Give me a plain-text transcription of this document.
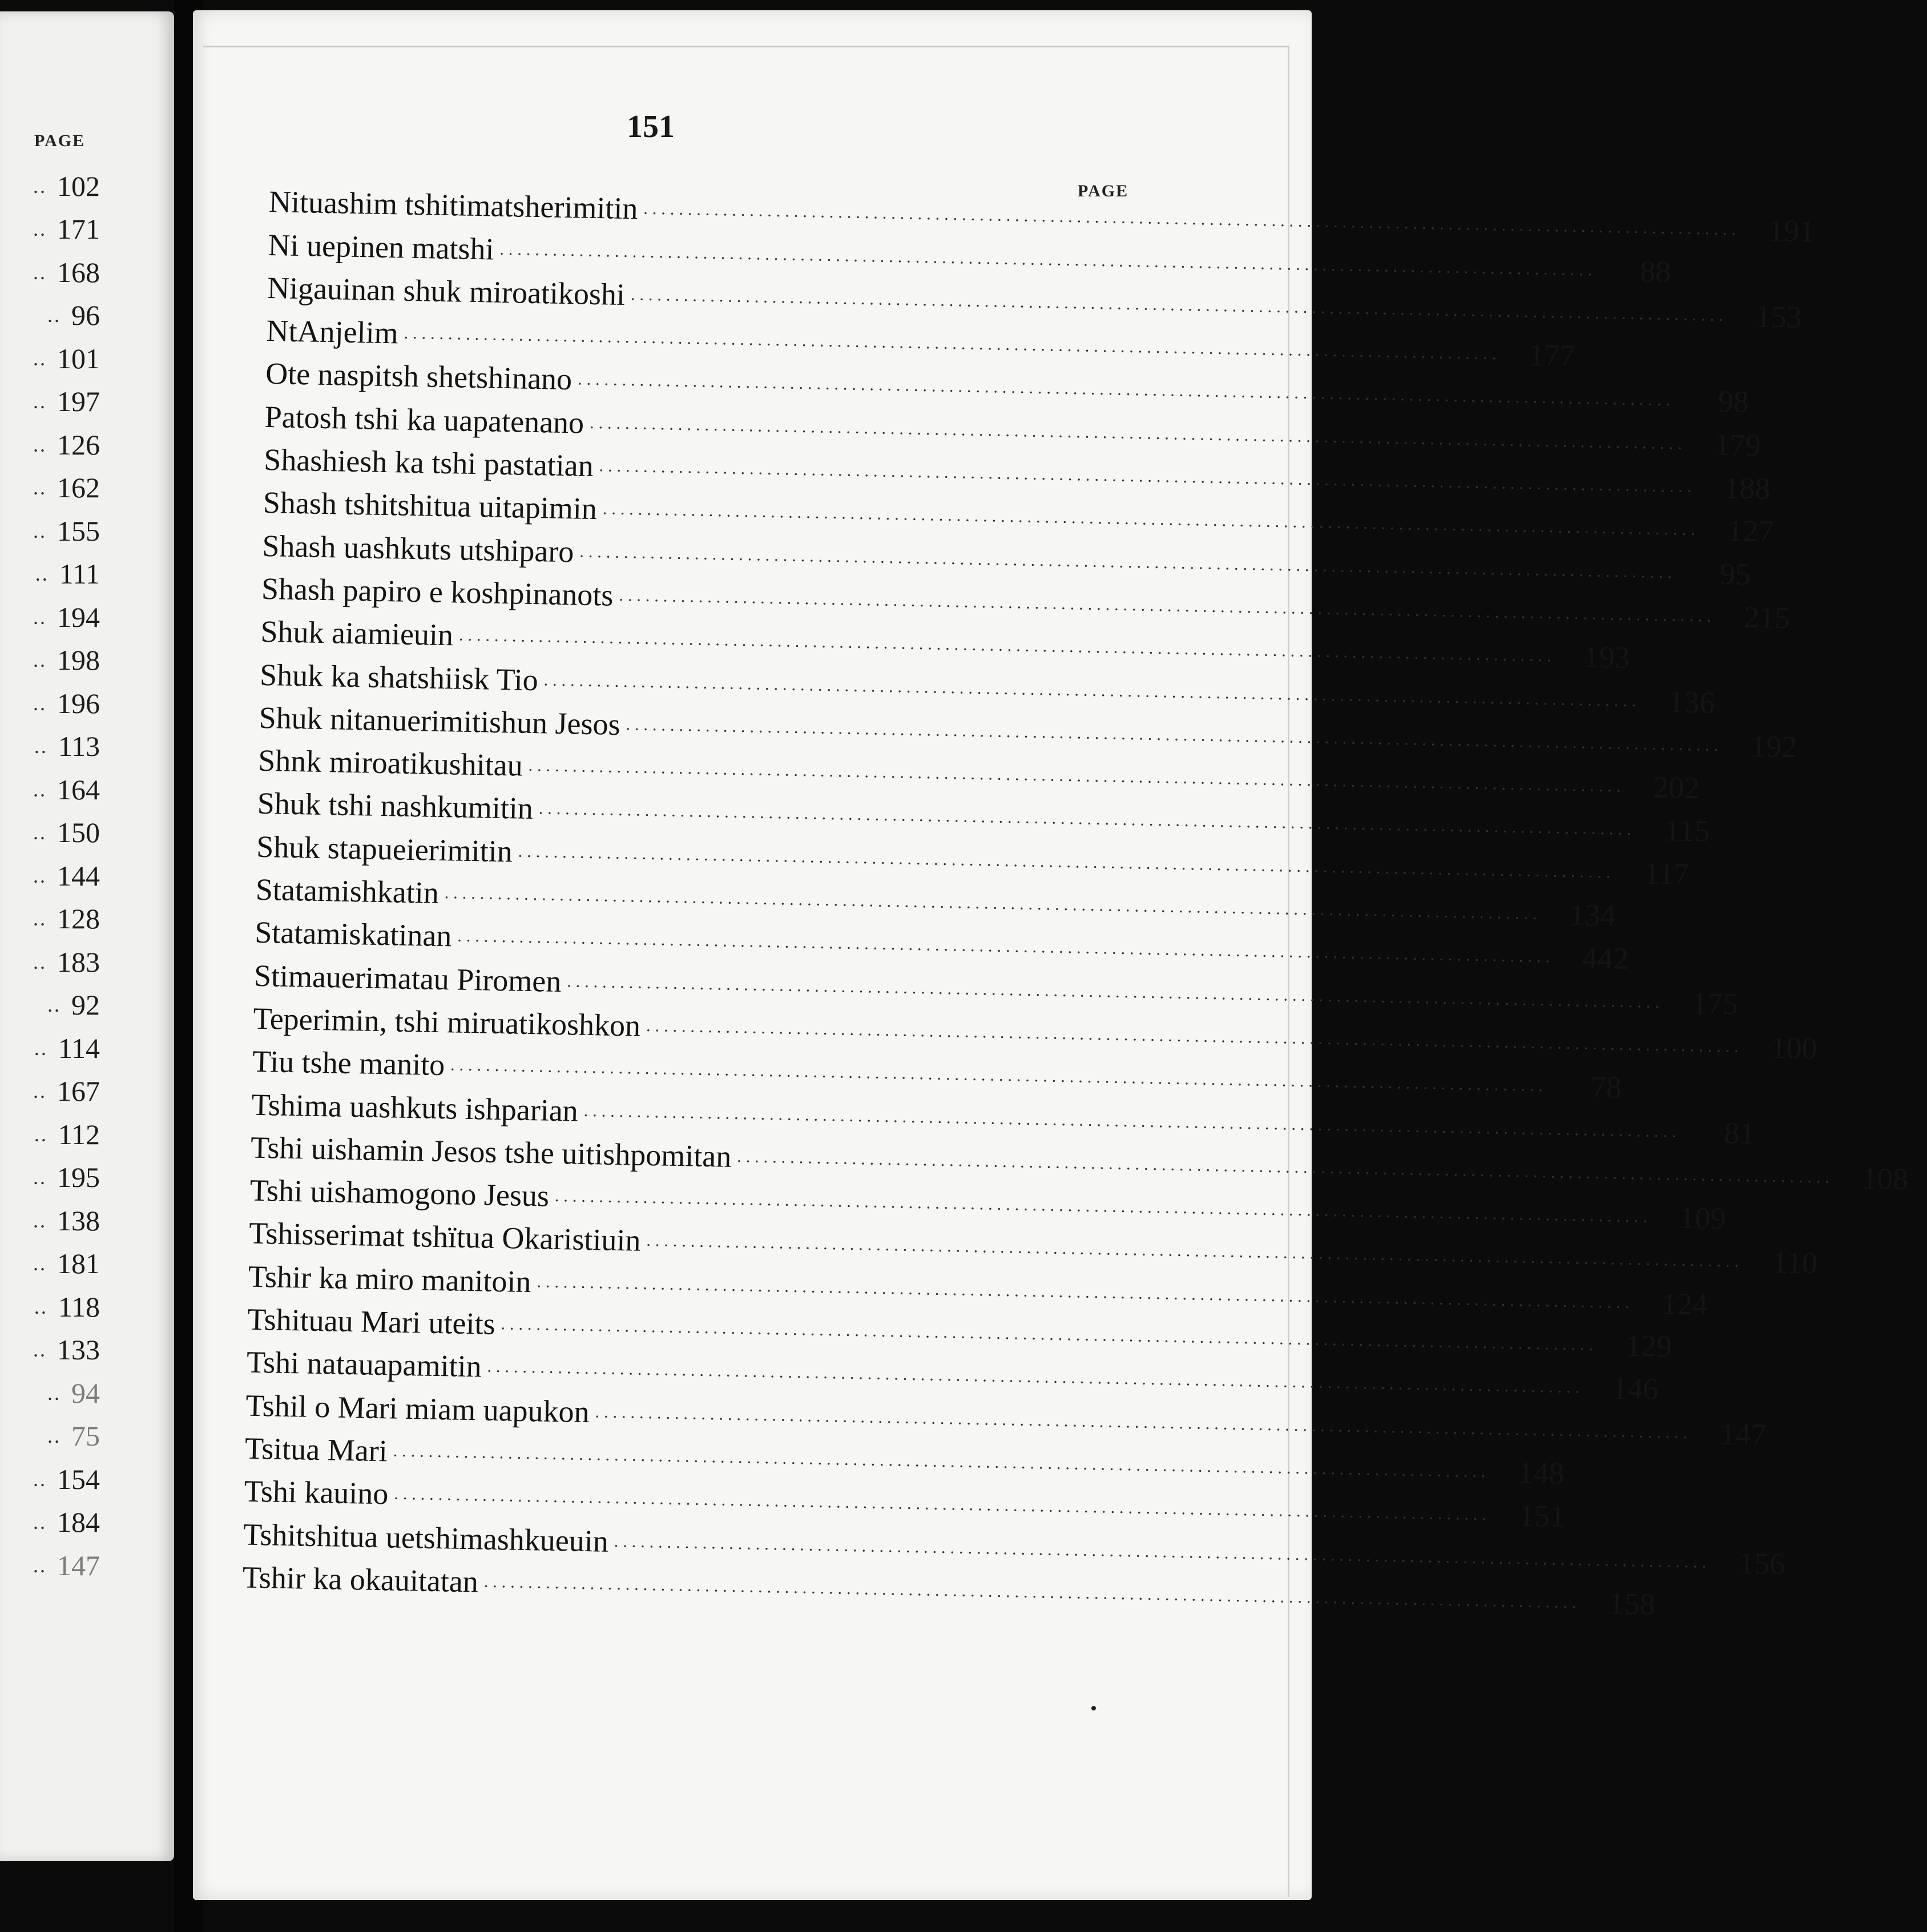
PAGE
.. 102
.. 171
.. 168
.. 96
.. 101
.. 197
.. 126
.. 162
.. 155
.. 111
.. 194
.. 198
.. 196
.. 113
.. 164
.. 150
.. 144
.. 128
.. 183
.. 92
.. 114
.. 167
.. 112
.. 195
.. 138
.. 181
.. 118
.. 133
.. 94
.. 75
.. 154
.. 184
.. 147
151
PAGE
Nituashim tshitimatsherimitin ............................................................................................................................ 191
Ni uepinen matshi ............................................................................................................................	88
Nigauinan shuk miroatikoshi ............................................................................................................................ 153
NtAnjelim ............................................................................................................................ 177
Ote naspitsh shetshinano ............................................................................................................................	98
Patosh tshi ka uapatenano ............................................................................................................................ 179
Shashiesh ka tshi pastatian ............................................................................................................................ 188
Shash tshitshitua uitapimin ............................................................................................................................ 127
Shash uashkuts utshiparo ............................................................................................................................	95
Shash papiro e koshpinanots ............................................................................................................................ 215
Shuk aiamieuin ............................................................................................................................ 193
Shuk ka shatshiisk Tio ............................................................................................................................ 136
Shuk nitanuerimitishun Jesos ............................................................................................................................ 192
Shnk miroatikushitau ............................................................................................................................ 202
Shuk tshi nashkumitin ............................................................................................................................ 115
Shuk stapueierimitin ............................................................................................................................ 117
Statamishkatin ............................................................................................................................ 134
Statamiskatinan ............................................................................................................................ 442
Stimauerimatau Piromen ............................................................................................................................ 175
Teperimin, tshi miruatikoshkon ............................................................................................................................ 100
Tiu tshe manito ............................................................................................................................	78
Tshima uashkuts ishparian ............................................................................................................................	81
Tshi uishamin Jesos tshe uitishpomitan ............................................................................................................................ 108
Tshi uishamogono Jesus ............................................................................................................................ 109
Tshisserimat tshïtua Okaristiuin ............................................................................................................................ 110
Tshir ka miro manitoin ............................................................................................................................ 124
Tshituau Mari uteits ............................................................................................................................ 129
Tshi natauapamitin ............................................................................................................................ 146
Tshil o Mari miam uapukon ............................................................................................................................ 147
Tsitua Mari ............................................................................................................................ 148
Tshi kauino ............................................................................................................................ 151
Tshitshitua uetshimashkueuin ............................................................................................................................ 156
Tshir ka okauitatan ............................................................................................................................ 158
